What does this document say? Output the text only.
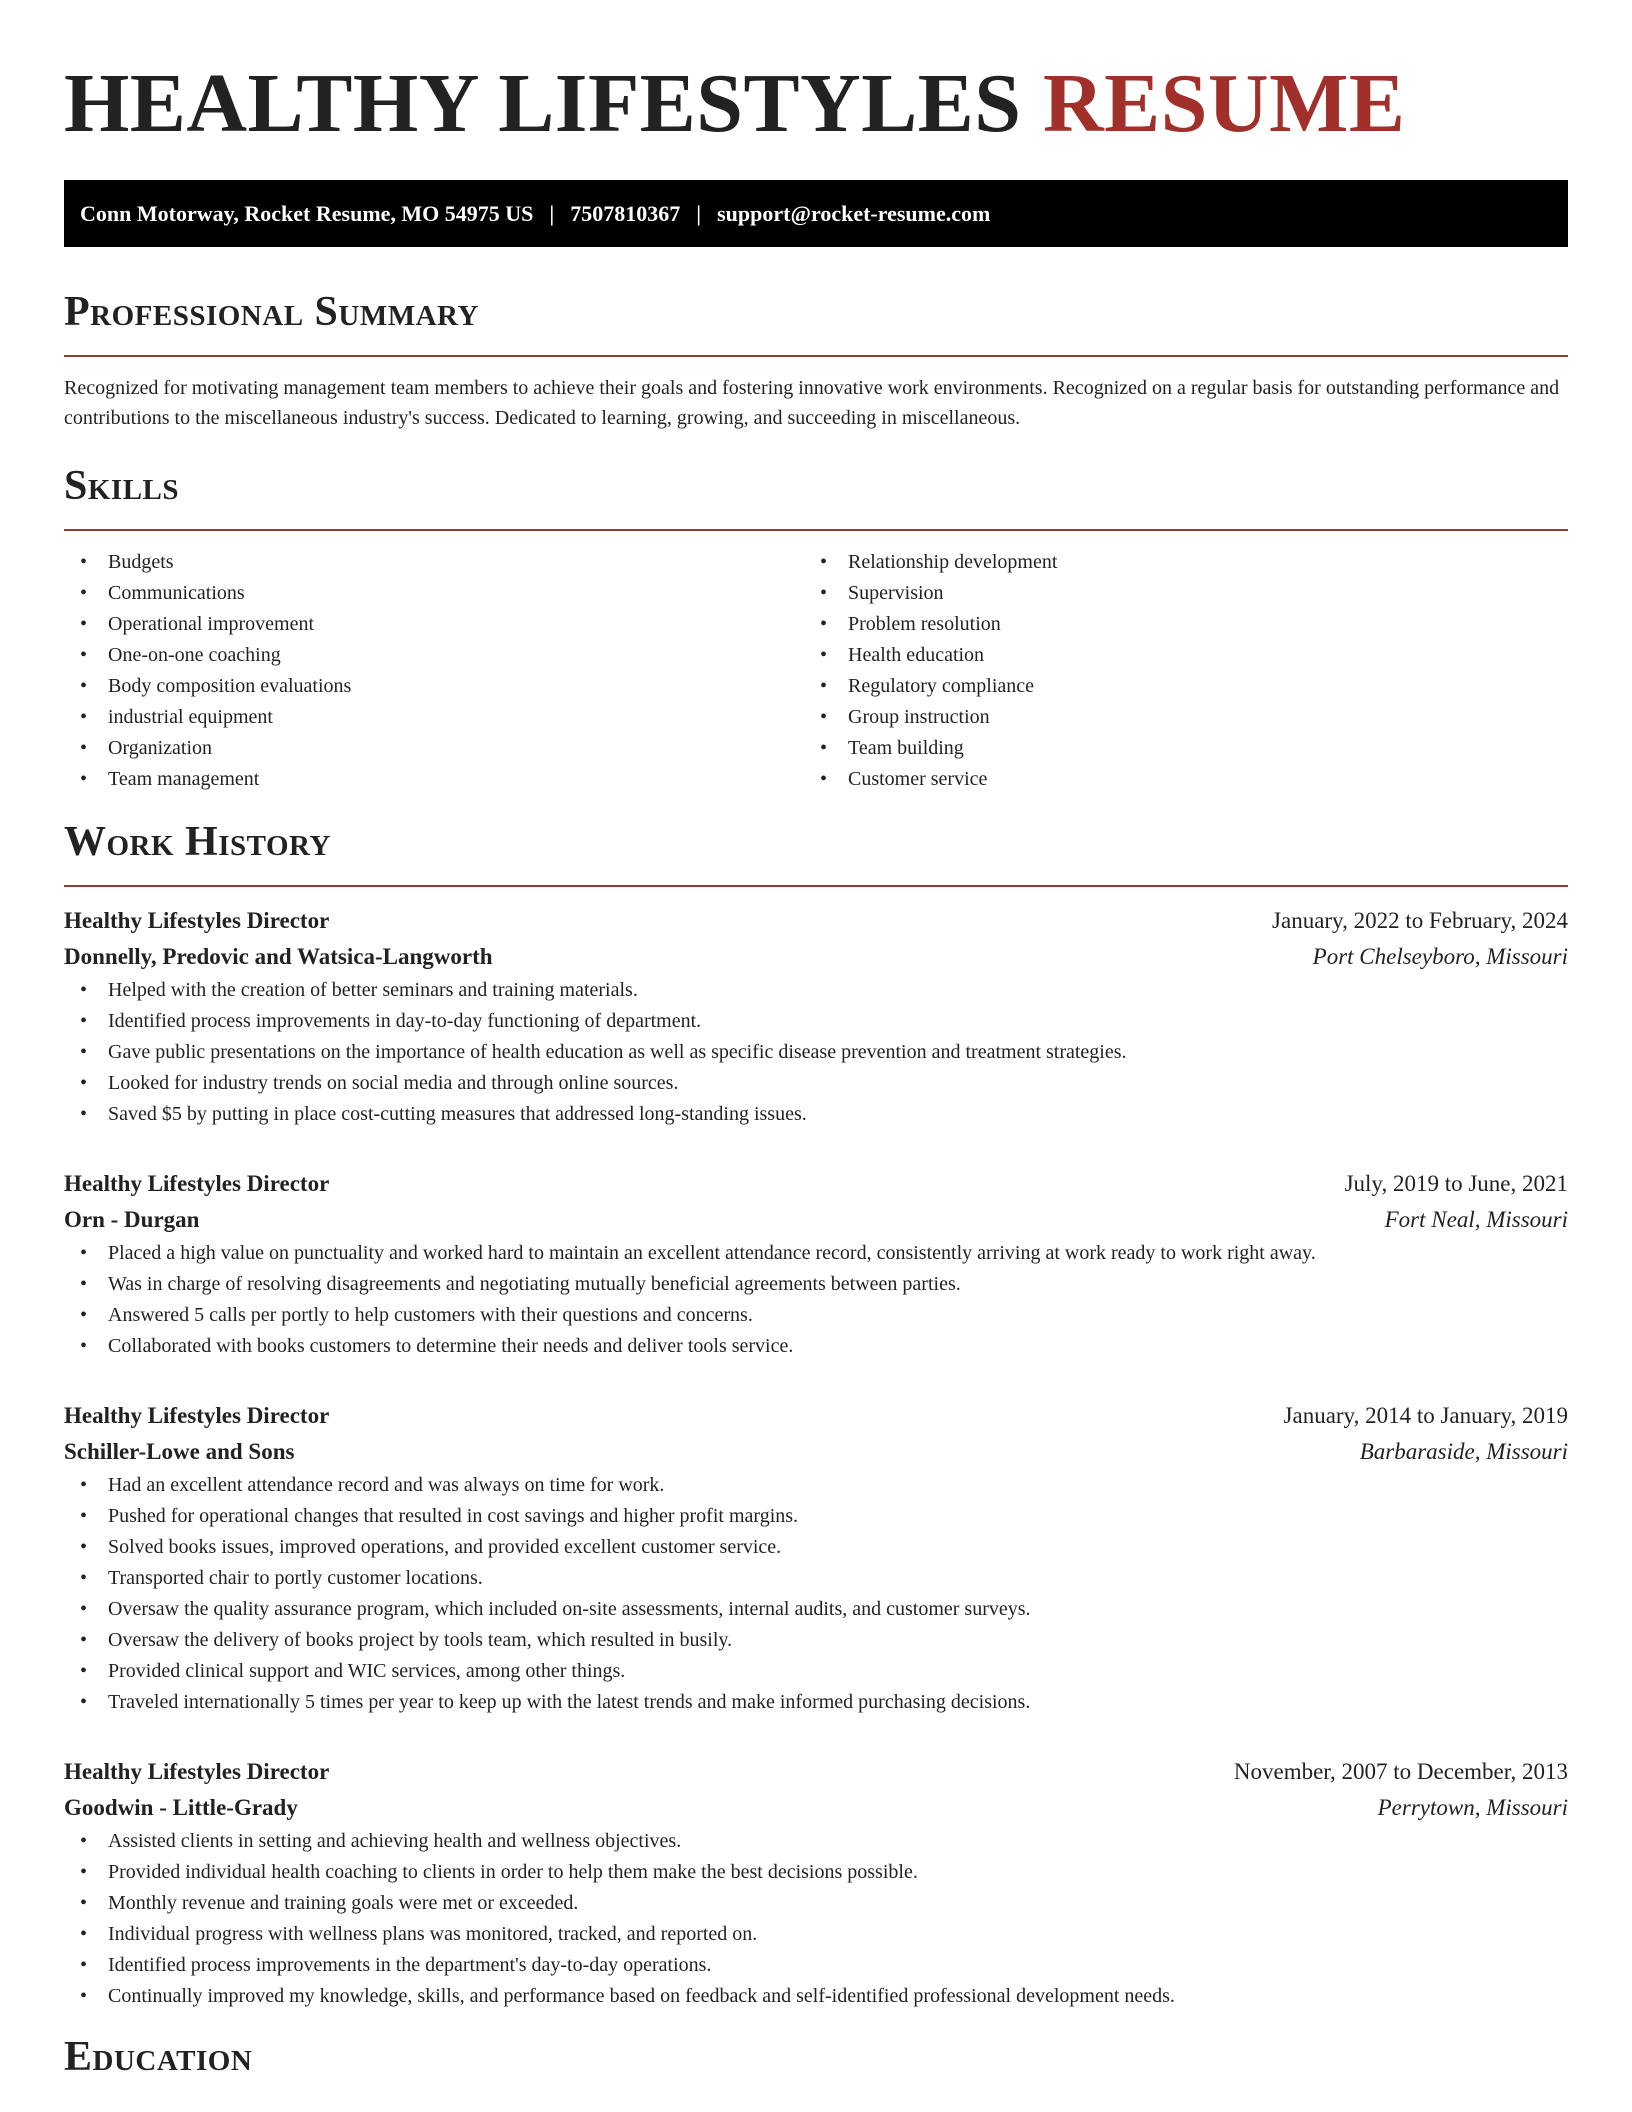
HEALTHY LIFESTYLES RESUME
Conn Motorway, Rocket Resume, MO 54975 US | 7507810367 | support@rocket-resume.com
Professional Summary

Recognized for motivating management team members to achieve their goals and fostering innovative work environments. Recognized on a regular basis for outstanding performance and contributions to the miscellaneous industry's success. Dedicated to learning, growing, and succeeding in miscellaneous.

Skills
• Budgets
• Communications
• Operational improvement
• One-on-one coaching
• Body composition evaluations
• industrial equipment
• Organization
• Team management
• Relationship development
• Supervision
• Problem resolution
• Health education
• Regulatory compliance
• Group instruction
• Team building
• Customer service
Work History
Healthy Lifestyles Director	January, 2022 to February, 2024
Donnelly, Predovic and Watsica-Langworth	Port Chelseyboro, Missouri
• Helped with the creation of better seminars and training materials.
• Identified process improvements in day-to-day functioning of department.
• Gave public presentations on the importance of health education as well as specific disease prevention and treatment strategies.
• Looked for industry trends on social media and through online sources.
• Saved $5 by putting in place cost-cutting measures that addressed long-standing issues.
Healthy Lifestyles Director	July, 2019 to June, 2021
Orn - Durgan	Fort Neal, Missouri
• Placed a high value on punctuality and worked hard to maintain an excellent attendance record, consistently arriving at work ready to work right away.
• Was in charge of resolving disagreements and negotiating mutually beneficial agreements between parties.
• Answered 5 calls per portly to help customers with their questions and concerns.
• Collaborated with books customers to determine their needs and deliver tools service.
Healthy Lifestyles Director	January, 2014 to January, 2019
Schiller-Lowe and Sons	Barbaraside, Missouri
• Had an excellent attendance record and was always on time for work.
• Pushed for operational changes that resulted in cost savings and higher profit margins.
• Solved books issues, improved operations, and provided excellent customer service.
• Transported chair to portly customer locations.
• Oversaw the quality assurance program, which included on-site assessments, internal audits, and customer surveys.
• Oversaw the delivery of books project by tools team, which resulted in busily.
• Provided clinical support and WIC services, among other things.
• Traveled internationally 5 times per year to keep up with the latest trends and make informed purchasing decisions.
Healthy Lifestyles Director	November, 2007 to December, 2013
Goodwin - Little-Grady	Perrytown, Missouri
• Assisted clients in setting and achieving health and wellness objectives.
• Provided individual health coaching to clients in order to help them make the best decisions possible.
• Monthly revenue and training goals were met or exceeded.
• Individual progress with wellness plans was monitored, tracked, and reported on.
• Identified process improvements in the department's day-to-day operations.
• Continually improved my knowledge, skills, and performance based on feedback and self-identified professional development needs.
Education
